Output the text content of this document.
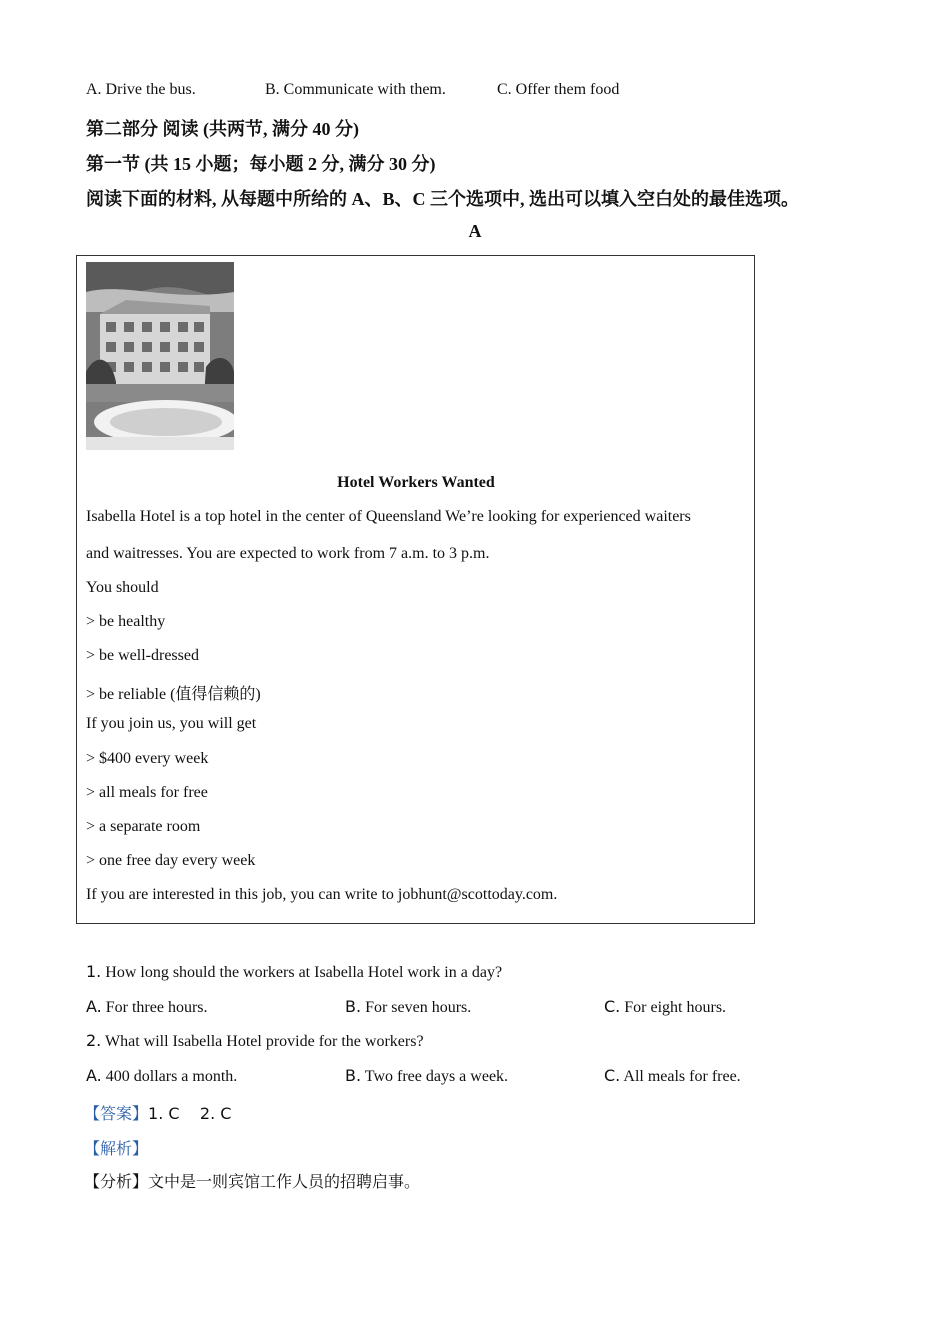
A. Drive the bus.	B. Communicate with them.	C. Offer them food
第二部分 阅读 (共两节, 满分 40 分)
第一节 (共 15 小题；每小题 2 分, 满分 30 分)
阅读下面的材料, 从每题中所给的 A、B、C 三个选项中, 选出可以填入空白处的最佳选项。
A
Hotel Workers Wanted
Isabella Hotel is a top hotel in the center of Queensland We’re looking for experienced waiters
and waitresses. You are expected to work from 7 a.m. to 3 p.m.
You should
> be healthy
> be well-dressed
> be reliable (值得信赖的)
If you join us, you will get
> $400 every week
> all meals for free
> a separate room
> one free day every week
If you are interested in this job, you can write to jobhunt@scottoday.com.
1. How long should the workers at Isabella Hotel work in a day?
A. For three hours.	B. For seven hours.	C. For eight hours.
2. What will Isabella Hotel provide for the workers?
A. 400 dollars a month.	B. Two free days a week.	C. All meals for free.
【答案】1. C    2. C
【解析】
【分析】文中是一则宾馆工作人员的招聘启事。
